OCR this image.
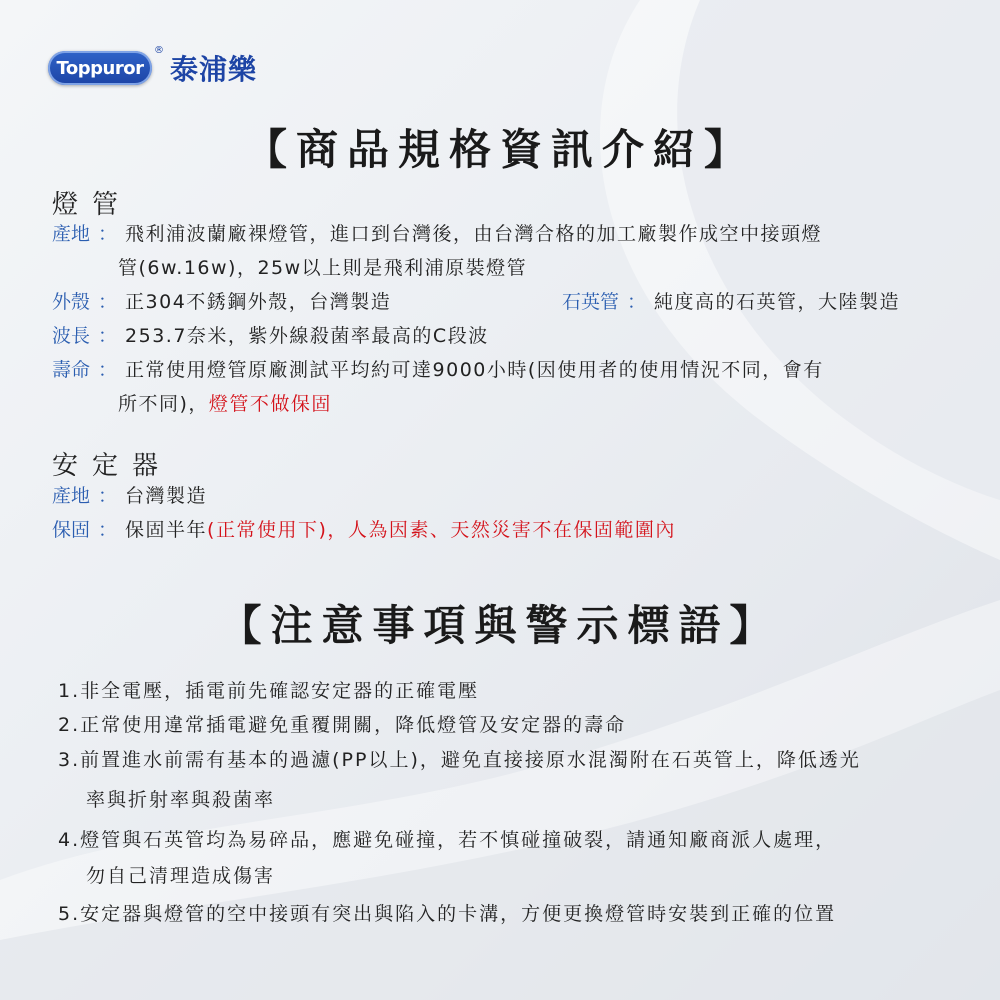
Toppuror
®
泰浦樂
【商品規格資訊介紹】
燈管
產地 ： 飛利浦波蘭廠裸燈管，進口到台灣後，由台灣合格的加工廠製作成空中接頭燈
管(6w.16w)，25w以上則是飛利浦原裝燈管
外殼 ： 正304不銹鋼外殼，台灣製造	石英管 ： 純度高的石英管，大陸製造
波長 ： 253.7奈米，紫外線殺菌率最高的C段波
壽命 ： 正常使用燈管原廠測試平均約可達9000小時(因使用者的使用情況不同，會有
所不同)，燈管不做保固
安定器
產地 ： 台灣製造
保固 ： 保固半年(正常使用下)，人為因素、天然災害不在保固範圍內
【注意事項與警示標語】
1.非全電壓，插電前先確認安定器的正確電壓
2.正常使用違常插電避免重覆開關，降低燈管及安定器的壽命
3.前置進水前需有基本的過濾(PP以上)，避免直接接原水混濁附在石英管上，降低透光
率與折射率與殺菌率
4.燈管與石英管均為易碎品，應避免碰撞，若不慎碰撞破裂，請通知廠商派人處理，
勿自己清理造成傷害
5.安定器與燈管的空中接頭有突出與陷入的卡溝，方便更換燈管時安裝到正確的位置
